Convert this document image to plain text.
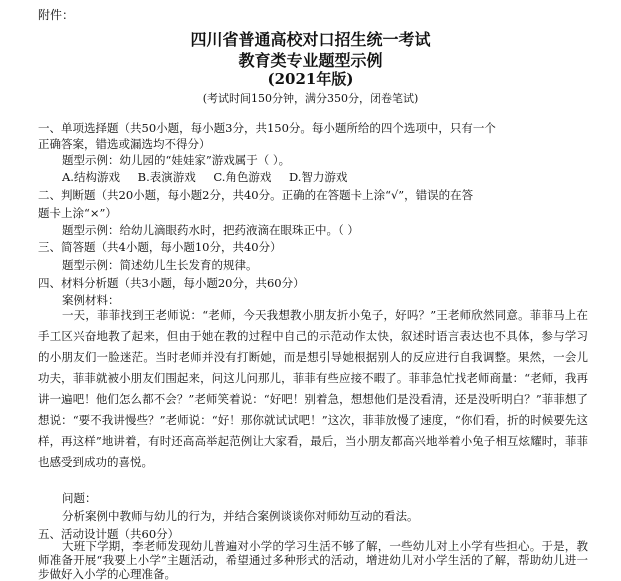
附件：
四川省普通高校对口招生统一考试
教育类专业题型示例
(2021年版)
(考试时间150分钟，满分350分，闭卷笔试)
一、单项选择题（共50小题，每小题3分，共150分。每小题所给的四个选项中，只有一个
正确答案，错选或漏选均不得分）
题型示例：幼儿园的“娃娃家”游戏属于（ ）。
A.结构游戏 B.表演游戏 C.角色游戏 D.智力游戏
二、判断题（共20小题，每小题2分，共40分。正确的在答题卡上涂“√”，错误的在答
题卡上涂“×”）
题型示例：给幼儿滴眼药水时，把药液滴在眼珠正中。（ ）
三、简答题（共4小题，每小题10分，共40分）
题型示例：简述幼儿生长发育的规律。
四、材料分析题（共3小题，每小题20分，共60分）
案例材料：
一天，菲菲找到王老师说：“老师，今天我想教小朋友折小兔子，好吗？”王老师欣然同意。菲菲马上在手工区兴奋地教了起来，但由于她在教的过程中自己的示范动作太快，叙述时语言表达也不具体，参与学习的小朋友们一脸迷茫。当时老师并没有打断她，而是想引导她根据别人的反应进行自我调整。果然，一会儿功夫，菲菲就被小朋友们围起来，问这儿问那儿，菲菲有些应接不暇了。菲菲急忙找老师商量：“老师，我再讲一遍吧！他们怎么都不会？”老师笑着说：“好吧！别着急，想想他们是没看清，还是没听明白？”菲菲想了想说：“要不我讲慢些？”老师说：“好！那你就试试吧！”这次，菲菲放慢了速度，“你们看，折的时候要先这样，再这样”地讲着，有时还高高举起范例让大家看，最后，当小朋友都高兴地举着小兔子相互炫耀时，菲菲也感受到成功的喜悦。
问题：
分析案例中教师与幼儿的行为，并结合案例谈谈你对师幼互动的看法。
五、活动设计题（共60分）
大班下学期，李老师发现幼儿普遍对小学的学习生活不够了解，一些幼儿对上小学有些担心。于是，教师准备开展“我要上小学”主题活动，希望通过多种形式的活动，增进幼儿对小学生活的了解，帮助幼儿进一步做好入小学的心理准备。
